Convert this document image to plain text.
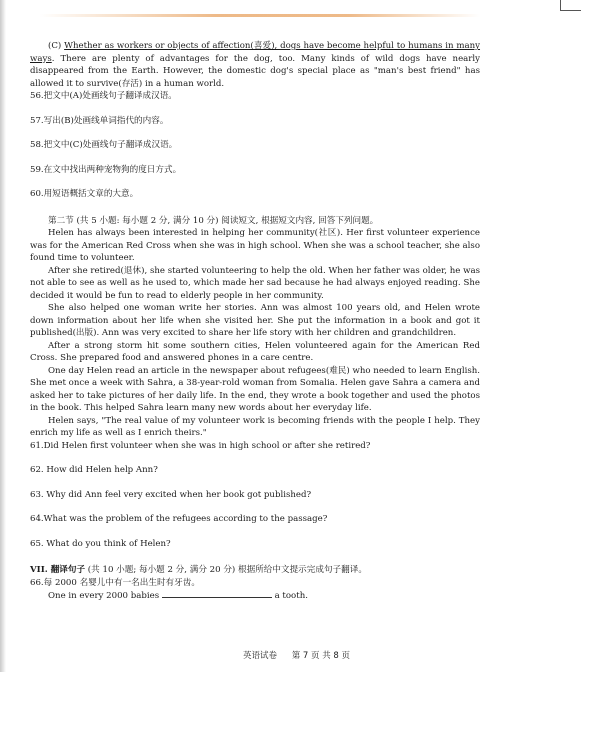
(C) Whether as workers or objects of affection(喜爱), dogs have become helpful to humans in many ways. There are plenty of advantages for the dog, too. Many kinds of wild dogs have nearly disappeared from the Earth. However, the domestic dog's special place as "man's best friend" has allowed it to survive(存活) in a human world.

56.把文中(A)处画线句子翻译成汉语。

57.写出(B)处画线单词指代的内容。

58.把文中(C)处画线句子翻译成汉语。

59.在文中找出两种宠物狗的度日方式。

60.用短语概括文章的大意。

第二节 (共 5 小题: 每小题 2 分, 满分 10 分) 阅读短文, 根据短文内容, 回答下列问题。

Helen has always been interested in helping her community(社区). Her first volunteer experience was for the American Red Cross when she was in high school. When she was a school teacher, she also found time to volunteer.

After she retired(退休), she started volunteering to help the old. When her father was older, he was not able to see as well as he used to, which made her sad because he had always enjoyed reading. She decided it would be fun to read to elderly people in her community.

She also helped one woman write her stories. Ann was almost 100 years old, and Helen wrote down information about her life when she visited her. She put the information in a book and got it published(出版). Ann was very excited to share her life story with her children and grandchildren.

After a strong storm hit some southern cities, Helen volunteered again for the American Red Cross. She prepared food and answered phones in a care centre.

One day Helen read an article in the newspaper about refugees(难民) who needed to learn English. She met once a week with Sahra, a 38-year-rold woman from Somalia. Helen gave Sahra a camera and asked her to take pictures of her daily life. In the end, they wrote a book together and used the photos in the book. This helped Sahra learn many new words about her everyday life.

Helen says, "The real value of my volunteer work is becoming friends with the people I help. They enrich my life as well as I enrich theirs."

61.Did Helen first volunteer when she was in high school or after she retired?

62. How did Helen help Ann?

63. Why did Ann feel very excited when her book got published?

64.What was the problem of the refugees according to the passage?

65. What do you think of Helen?

VII. 翻译句子 (共 10 小题; 每小题 2 分, 满分 20 分) 根据所给中文提示完成句子翻译。

66.每 2000 名婴儿中有一名出生时有牙齿。

One in every 2000 babies	a tooth.

英语试卷 第 7 页 共 8 页
